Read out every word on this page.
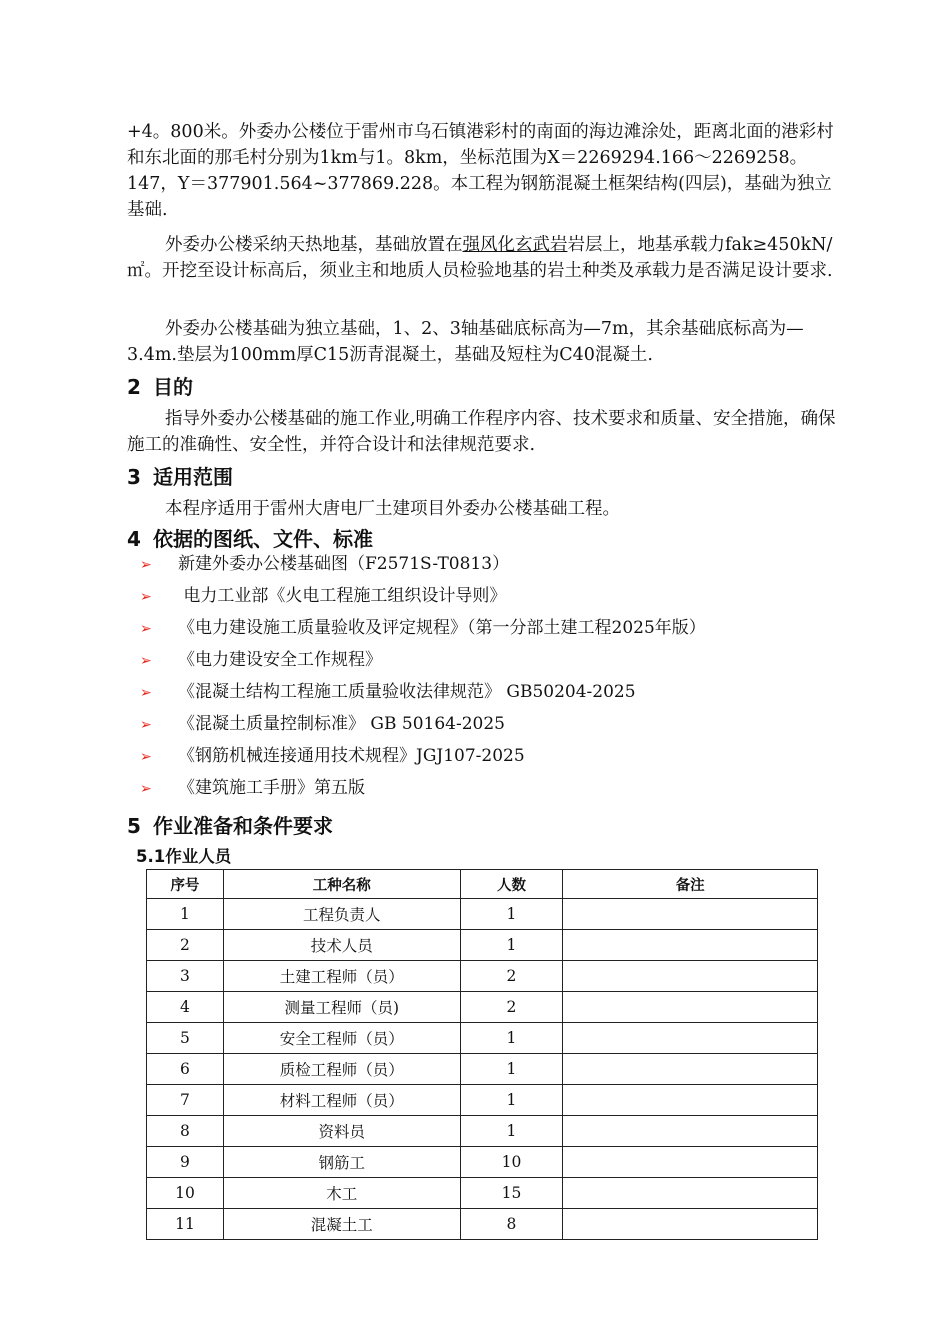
+4。800米。外委办公楼位于雷州市乌石镇港彩村的南面的海边滩涂处，距离北面的港彩村和东北面的那毛村分别为1km与1。8km，坐标范围为X＝2269294.166～2269258。147，Y＝377901.564~377869.228。本工程为钢筋混凝土框架结构(四层)，基础为独立基础.

外委办公楼采纳天热地基，基础放置在强风化玄武岩岩层上，地基承载力fak≥450kN/㎡。开挖至设计标高后，须业主和地质人员检验地基的岩土种类及承载力是否满足设计要求.

外委办公楼基础为独立基础，1、2、3轴基础底标高为—7m，其余基础底标高为—3.4m.垫层为100mm厚C15沥青混凝土，基础及短柱为C40混凝土.

2 目的

指导外委办公楼基础的施工作业,明确工作程序内容、技术要求和质量、安全措施，确保施工的准确性、安全性，并符合设计和法律规范要求.

3 适用范围

本程序适用于雷州大唐电厂土建项目外委办公楼基础工程。

4 依据的图纸、文件、标准
➢ 新建外委办公楼基础图（F2571S-T0813）
➢ 电力工业部《火电工程施工组织设计导则》
➢ 《电力建设施工质量验收及评定规程》（第一分部土建工程2025年版）
➢ 《电力建设安全工作规程》
➢ 《混凝土结构工程施工质量验收法律规范》 GB50204-2025
➢ 《混凝土质量控制标准》 GB 50164-2025
➢ 《钢筋机械连接通用技术规程》JGJ107-2025
➢ 《建筑施工手册》第五版
5 作业准备和条件要求
5.1作业人员
序号	工种名称	人数	备注
1	工程负责人	1	
2	技术人员	1	
3	土建工程师（员）	2	
4	测量工程师（员)	2	
5	安全工程师（员）	1	
6	质检工程师（员）	1	
7	材料工程师（员）	1	
8	资料员	1	
9	钢筋工	10	
10	木工	15	
11	混凝土工	8	
